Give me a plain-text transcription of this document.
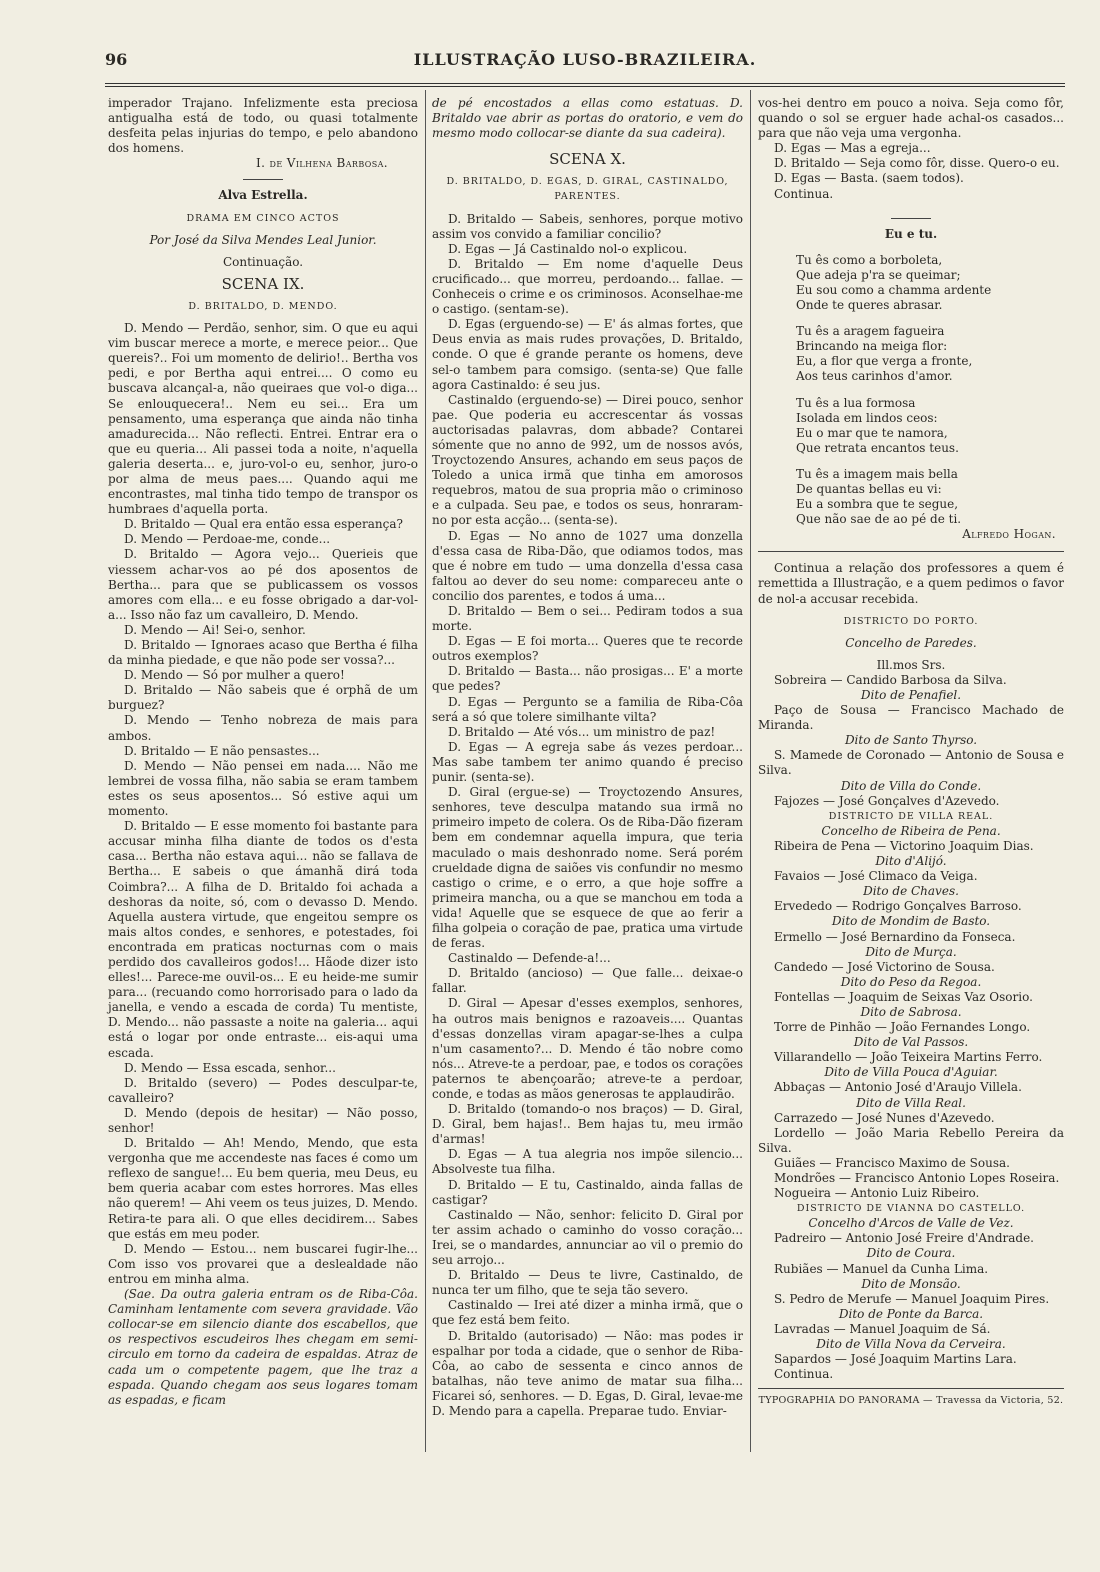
96	ILLUSTRAÇÃO LUSO-BRAZILEIRA.

imperador Trajano. Infelizmente esta preciosa antigualha está de todo, ou quasi totalmente desfeita pelas injurias do tempo, e pelo abandono dos homens.

I. de Vilhena Barbosa.

Alva Estrella.

DRAMA EM CINCO ACTOS

Por José da Silva Mendes Leal Junior.

Continuação.

SCENA IX.

D. BRITALDO, D. MENDO.

D. Mendo — Perdão, senhor, sim. O que eu aqui vim buscar merece a morte, e merece peior... Que quereis?.. Foi um momento de delirio!.. Bertha vos pedi, e por Bertha aqui entrei.... O como eu buscava alcançal-a, não queiraes que vol-o diga... Se enlouquecera!.. Nem eu sei... Era um pensamento, uma esperança que ainda não tinha amadurecida... Não reflecti. Entrei. Entrar era o que eu queria... Ali passei toda a noite, n'aquella galeria deserta... e, juro-vol-o eu, senhor, juro-o por alma de meus paes.... Quando aqui me encontrastes, mal tinha tido tempo de transpor os humbraes d'aquella porta.

D. Britaldo — Qual era então essa esperança?

D. Mendo — Perdoae-me, conde...

D. Britaldo — Agora vejo... Querieis que viessem achar-vos ao pé dos aposentos de Bertha... para que se publicassem os vossos amores com ella... e eu fosse obrigado a dar-vol-a... Isso não faz um cavalleiro, D. Mendo.

D. Mendo — Ai! Sei-o, senhor.

D. Britaldo — Ignoraes acaso que Bertha é filha da minha piedade, e que não pode ser vossa?...

D. Mendo — Só por mulher a quero!

D. Britaldo — Não sabeis que é orphã de um burguez?

D. Mendo — Tenho nobreza de mais para ambos.

D. Britaldo — E não pensastes...

D. Mendo — Não pensei em nada.... Não me lembrei de vossa filha, não sabia se eram tambem estes os seus aposentos... Só estive aqui um momento.

D. Britaldo — E esse momento foi bastante para accusar minha filha diante de todos os d'esta casa... Bertha não estava aqui... não se fallava de Bertha... E sabeis o que ámanhã dirá toda Coimbra?... A filha de D. Britaldo foi achada a deshoras da noite, só, com o devasso D. Mendo. Aquella austera virtude, que engeitou sempre os mais altos condes, e senhores, e potestades, foi encontrada em praticas nocturnas com o mais perdido dos cavalleiros godos!... Hãode dizer isto elles!... Parece-me ouvil-os... E eu heide-me sumir para... (recuando como horrorisado para o lado da janella, e vendo a escada de corda) Tu mentiste, D. Mendo... não passaste a noite na galeria... aqui está o logar por onde entraste... eis-aqui uma escada.

D. Mendo — Essa escada, senhor...

D. Britaldo (severo) — Podes desculpar-te, cavalleiro?

D. Mendo (depois de hesitar) — Não posso, senhor!

D. Britaldo — Ah! Mendo, Mendo, que esta vergonha que me accendeste nas faces é como um reflexo de sangue!... Eu bem queria, meu Deus, eu bem queria acabar com estes horrores. Mas elles não querem! — Ahi veem os teus juizes, D. Mendo. Retira-te para ali. O que elles decidirem... Sabes que estás em meu poder.

D. Mendo — Estou... nem buscarei fugir-lhe... Com isso vos provarei que a deslealdade não entrou em minha alma.

(Sae. Da outra galeria entram os de Riba-Côa. Caminham lentamente com severa gravidade. Vão collocar-se em silencio diante dos escabellos, que os respectivos escudeiros lhes chegam em semi-circulo em torno da cadeira de espaldas. Atraz de cada um o competente pagem, que lhe traz a espada. Quando chegam aos seus logares tomam as espadas, e ficam

de pé encostados a ellas como estatuas. D. Britaldo vae abrir as portas do oratorio, e vem do mesmo modo collocar-se diante da sua cadeira).

SCENA X.

D. BRITALDO, D. EGAS, D. GIRAL, CASTINALDO, PARENTES.

D. Britaldo — Sabeis, senhores, porque motivo assim vos convido a familiar concilio?

D. Egas — Já Castinaldo nol-o explicou.

D. Britaldo — Em nome d'aquelle Deus crucificado... que morreu, perdoando... fallae. — Conheceis o crime e os criminosos. Aconselhae-me o castigo. (sentam-se).

D. Egas (erguendo-se) — E' ás almas fortes, que Deus envia as mais rudes provações, D. Britaldo, conde. O que é grande perante os homens, deve sel-o tambem para comsigo. (senta-se) Que falle agora Castinaldo: é seu jus.

Castinaldo (erguendo-se) — Direi pouco, senhor pae. Que poderia eu accrescentar ás vossas auctorisadas palavras, dom abbade? Contarei sómente que no anno de 992, um de nossos avós, Troyctozendo Ansures, achando em seus paços de Toledo a unica irmã que tinha em amorosos requebros, matou de sua propria mão o criminoso e a culpada. Seu pae, e todos os seus, honraram-no por esta acção... (senta-se).

D. Egas — No anno de 1027 uma donzella d'essa casa de Riba-Dão, que odiamos todos, mas que é nobre em tudo — uma donzella d'essa casa faltou ao dever do seu nome: compareceu ante o concilio dos parentes, e todos á uma...

D. Britaldo — Bem o sei... Pediram todos a sua morte.

D. Egas — E foi morta... Queres que te recorde outros exemplos?

D. Britaldo — Basta... não prosigas... E' a morte que pedes?

D. Egas — Pergunto se a familia de Riba-Côa será a só que tolere similhante vilta?

D. Britaldo — Até vós... um ministro de paz!

D. Egas — A egreja sabe ás vezes perdoar... Mas sabe tambem ter animo quando é preciso punir. (senta-se).

D. Giral (ergue-se) — Troyctozendo Ansures, senhores, teve desculpa matando sua irmã no primeiro impeto de colera. Os de Riba-Dão fizeram bem em condemnar aquella impura, que teria maculado o mais deshonrado nome. Será porém crueldade digna de saiões vis confundir no mesmo castigo o crime, e o erro, a que hoje soffre a primeira mancha, ou a que se manchou em toda a vida! Aquelle que se esquece de que ao ferir a filha golpeia o coração de pae, pratica uma virtude de feras.

Castinaldo — Defende-a!...

D. Britaldo (ancioso) — Que falle... deixae-o fallar.

D. Giral — Apesar d'esses exemplos, senhores, ha outros mais benignos e razoaveis.... Quantas d'essas donzellas viram apagar-se-lhes a culpa n'um casamento?... D. Mendo é tão nobre como nós... Atreve-te a perdoar, pae, e todos os corações paternos te abençoarão; atreve-te a perdoar, conde, e todas as mãos generosas te applaudirão.

D. Britaldo (tomando-o nos braços) — D. Giral, D. Giral, bem hajas!.. Bem hajas tu, meu irmão d'armas!

D. Egas — A tua alegria nos impõe silencio... Absolveste tua filha.

D. Britaldo — E tu, Castinaldo, ainda fallas de castigar?

Castinaldo — Não, senhor: felicito D. Giral por ter assim achado o caminho do vosso coração... Irei, se o mandardes, annunciar ao vil o premio do seu arrojo...

D. Britaldo — Deus te livre, Castinaldo, de nunca ter um filho, que te seja tão severo.

Castinaldo — Irei até dizer a minha irmã, que o que fez está bem feito.

D. Britaldo (autorisado) — Não: mas podes ir espalhar por toda a cidade, que o senhor de Riba-Côa, ao cabo de sessenta e cinco annos de batalhas, não teve animo de matar sua filha... Ficarei só, senhores. — D. Egas, D. Giral, levae-me D. Mendo para a capella. Preparae tudo. Enviar-

vos-hei dentro em pouco a noiva. Seja como fôr, quando o sol se erguer hade achal-os casados... para que não veja uma vergonha.

D. Egas — Mas a egreja...

D. Britaldo — Seja como fôr, disse. Quero-o eu.

D. Egas — Basta. (saem todos).

Continua.

Eu e tu.

Tu ês como a borboleta,

Que adeja p'ra se queimar;

Eu sou como a chamma ardente

Onde te queres abrasar.

Tu ês a aragem fagueira

Brincando na meiga flor:

Eu, a flor que verga a fronte,

Aos teus carinhos d'amor.

Tu ês a lua formosa

Isolada em lindos ceos:

Eu o mar que te namora,

Que retrata encantos teus.

Tu ês a imagem mais bella

De quantas bellas eu vi:

Eu a sombra que te segue,

Que não sae de ao pé de ti.

Alfredo Hogan.

Continua a relação dos professores a quem é remettida a Illustração, e a quem pedimos o favor de nol-a accusar recebida.

DISTRICTO DO PORTO.

Concelho de Paredes.

Ill.mos Srs.

Sobreira — Candido Barbosa da Silva.

Dito de Penafiel.

Paço de Sousa — Francisco Machado de Miranda.

Dito de Santo Thyrso.

S. Mamede de Coronado — Antonio de Sousa e Silva.

Dito de Villa do Conde.

Fajozes — José Gonçalves d'Azevedo.

DISTRICTO DE VILLA REAL.

Concelho de Ribeira de Pena.

Ribeira de Pena — Victorino Joaquim Dias.

Dito d'Alijó.

Favaios — José Climaco da Veiga.

Dito de Chaves.

Ervededo — Rodrigo Gonçalves Barroso.

Dito de Mondim de Basto.

Ermello — José Bernardino da Fonseca.

Dito de Murça.

Candedo — José Victorino de Sousa.

Dito do Peso da Regoa.

Fontellas — Joaquim de Seixas Vaz Osorio.

Dito de Sabrosa.

Torre de Pinhão — João Fernandes Longo.

Dito de Val Passos.

Villarandello — João Teixeira Martins Ferro.

Dito de Villa Pouca d'Aguiar.

Abbaças — Antonio José d'Araujo Villela.

Dito de Villa Real.

Carrazedo — José Nunes d'Azevedo.

Lordello — João Maria Rebello Pereira da Silva.

Guiães — Francisco Maximo de Sousa.

Mondrões — Francisco Antonio Lopes Roseira.

Nogueira — Antonio Luiz Ribeiro.

DISTRICTO DE VIANNA DO CASTELLO.

Concelho d'Arcos de Valle de Vez.

Padreiro — Antonio José Freire d'Andrade.

Dito de Coura.

Rubiães — Manuel da Cunha Lima.

Dito de Monsão.

S. Pedro de Merufe — Manuel Joaquim Pires.

Dito de Ponte da Barca.

Lavradas — Manuel Joaquim de Sá.

Dito de Villa Nova da Cerveira.

Sapardos — José Joaquim Martins Lara.

Continua.

TYPOGRAPHIA DO PANORAMA — Travessa da Victoria, 52.
